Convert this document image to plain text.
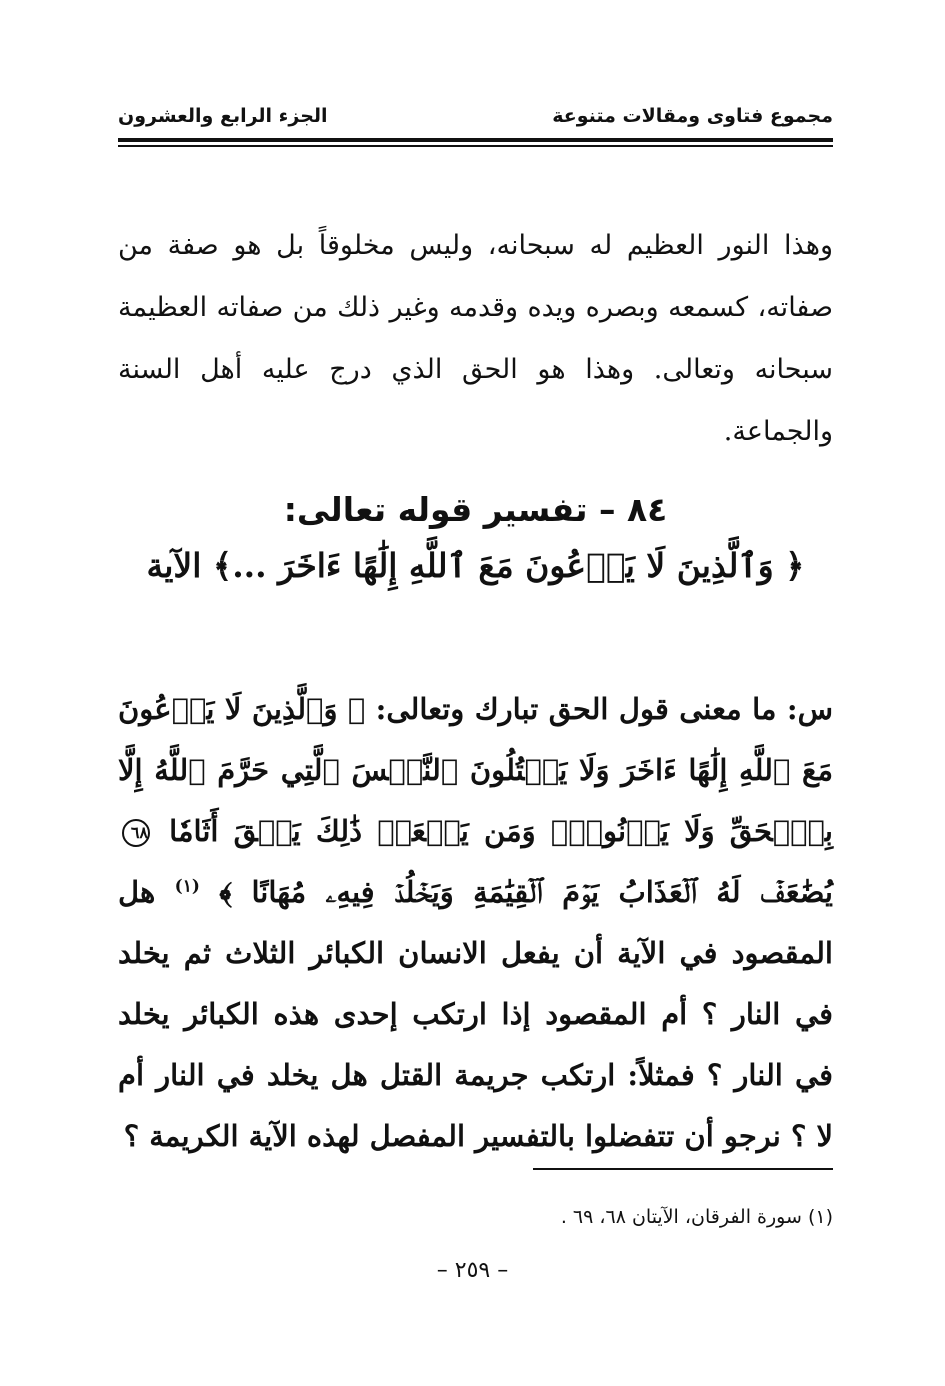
مجموع فتاوى ومقالات متنوعة
الجزء الرابع والعشرون

وهذا النور العظيم له سبحانه، وليس مخلوقاً بل هو صفة من صفاته، كسمعه وبصره ويده وقدمه وغير ذلك من صفاته العظيمة سبحانه وتعالى. وهذا هو الحق الذي درج عليه أهل السنة والجماعة.

٨٤ – تفسير قوله تعالى:
﴿ وَٱلَّذِينَ لَا يَدۡعُونَ مَعَ ٱللَّهِ إِلَٰهًا ءَاخَرَ ...﴾ الآية

س: ما معنى قول الحق تبارك وتعالى: ﴿ وَٱلَّذِينَ لَا يَدۡعُونَ مَعَ ٱللَّهِ إِلَٰهًا ءَاخَرَ وَلَا يَقۡتُلُونَ ٱلنَّفۡسَ ٱلَّتِي حَرَّمَ ٱللَّهُ إِلَّا بِٱلۡحَقِّ وَلَا يَزۡنُونَۚ وَمَن يَفۡعَلۡ ذَٰلِكَ يَلۡقَ أَثَامٗا ٦٨ يُضَٰعَفۡ لَهُ ٱلۡعَذَابُ يَوۡمَ ٱلۡقِيَٰمَةِ وَيَخۡلُدۡ فِيهِۦ مُهَانًا ﴾ $^{(١)}$ هل المقصود في الآية أن يفعل الانسان الكبائر الثلاث ثم يخلد في النار ؟ أم المقصود إذا ارتكب إحدى هذه الكبائر يخلد في النار ؟ فمثلاً: ارتكب جريمة القتل هل يخلد في النار أم لا ؟ نرجو أن تتفضلوا بالتفسير المفصل لهذه الآية الكريمة ؟

(١) سورة الفرقان، الآيتان ٦٨، ٦٩ .
– ٢٥٩ –
